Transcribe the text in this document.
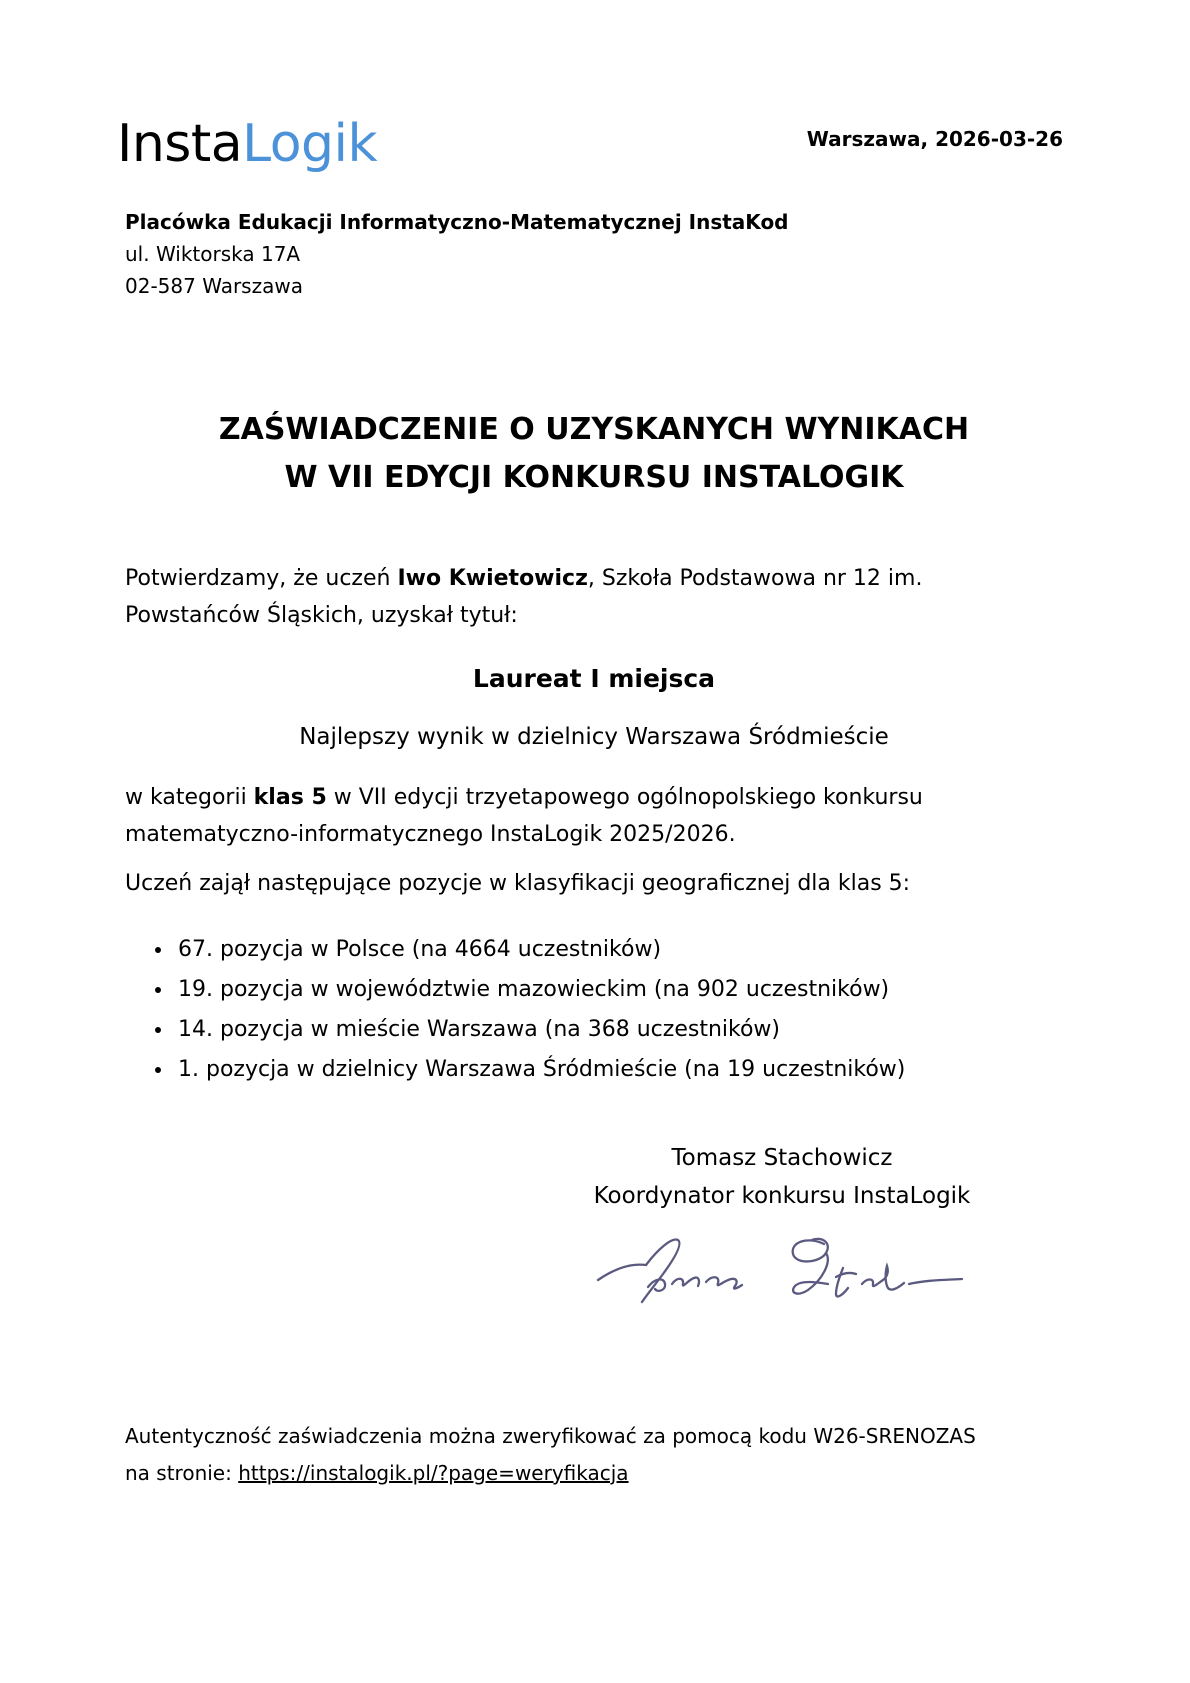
InstaLogik	Warszawa, 2026-03-26
Placówka Edukacji Informatyczno-Matematycznej InstaKod
ul. Wiktorska 17A
02-587 Warszawa
ZAŚWIADCZENIE O UZYSKANYCH WYNIKACH
W VII EDYCJI KONKURSU INSTALOGIK
Potwierdzamy, że uczeń Iwo Kwietowicz, Szkoła Podstawowa nr 12 im.
Powstańców Śląskich, uzyskał tytuł:
Laureat I miejsca
Najlepszy wynik w dzielnicy Warszawa Śródmieście
w kategorii klas 5 w VII edycji trzyetapowego ogólnopolskiego konkursu
matematyczno-informatycznego InstaLogik 2025/2026.
Uczeń zajął następujące pozycje w klasyfikacji geograficznej dla klas 5:
• 67. pozycja w Polsce (na 4664 uczestników)
• 19. pozycja w województwie mazowieckim (na 902 uczestników)
• 14. pozycja w mieście Warszawa (na 368 uczestników)
• 1. pozycja w dzielnicy Warszawa Śródmieście (na 19 uczestników)
Tomasz Stachowicz
Koordynator konkursu InstaLogik
Autentyczność zaświadczenia można zweryfikować za pomocą kodu W26-SRENOZAS
na stronie: https://instalogik.pl/?page=weryfikacja
